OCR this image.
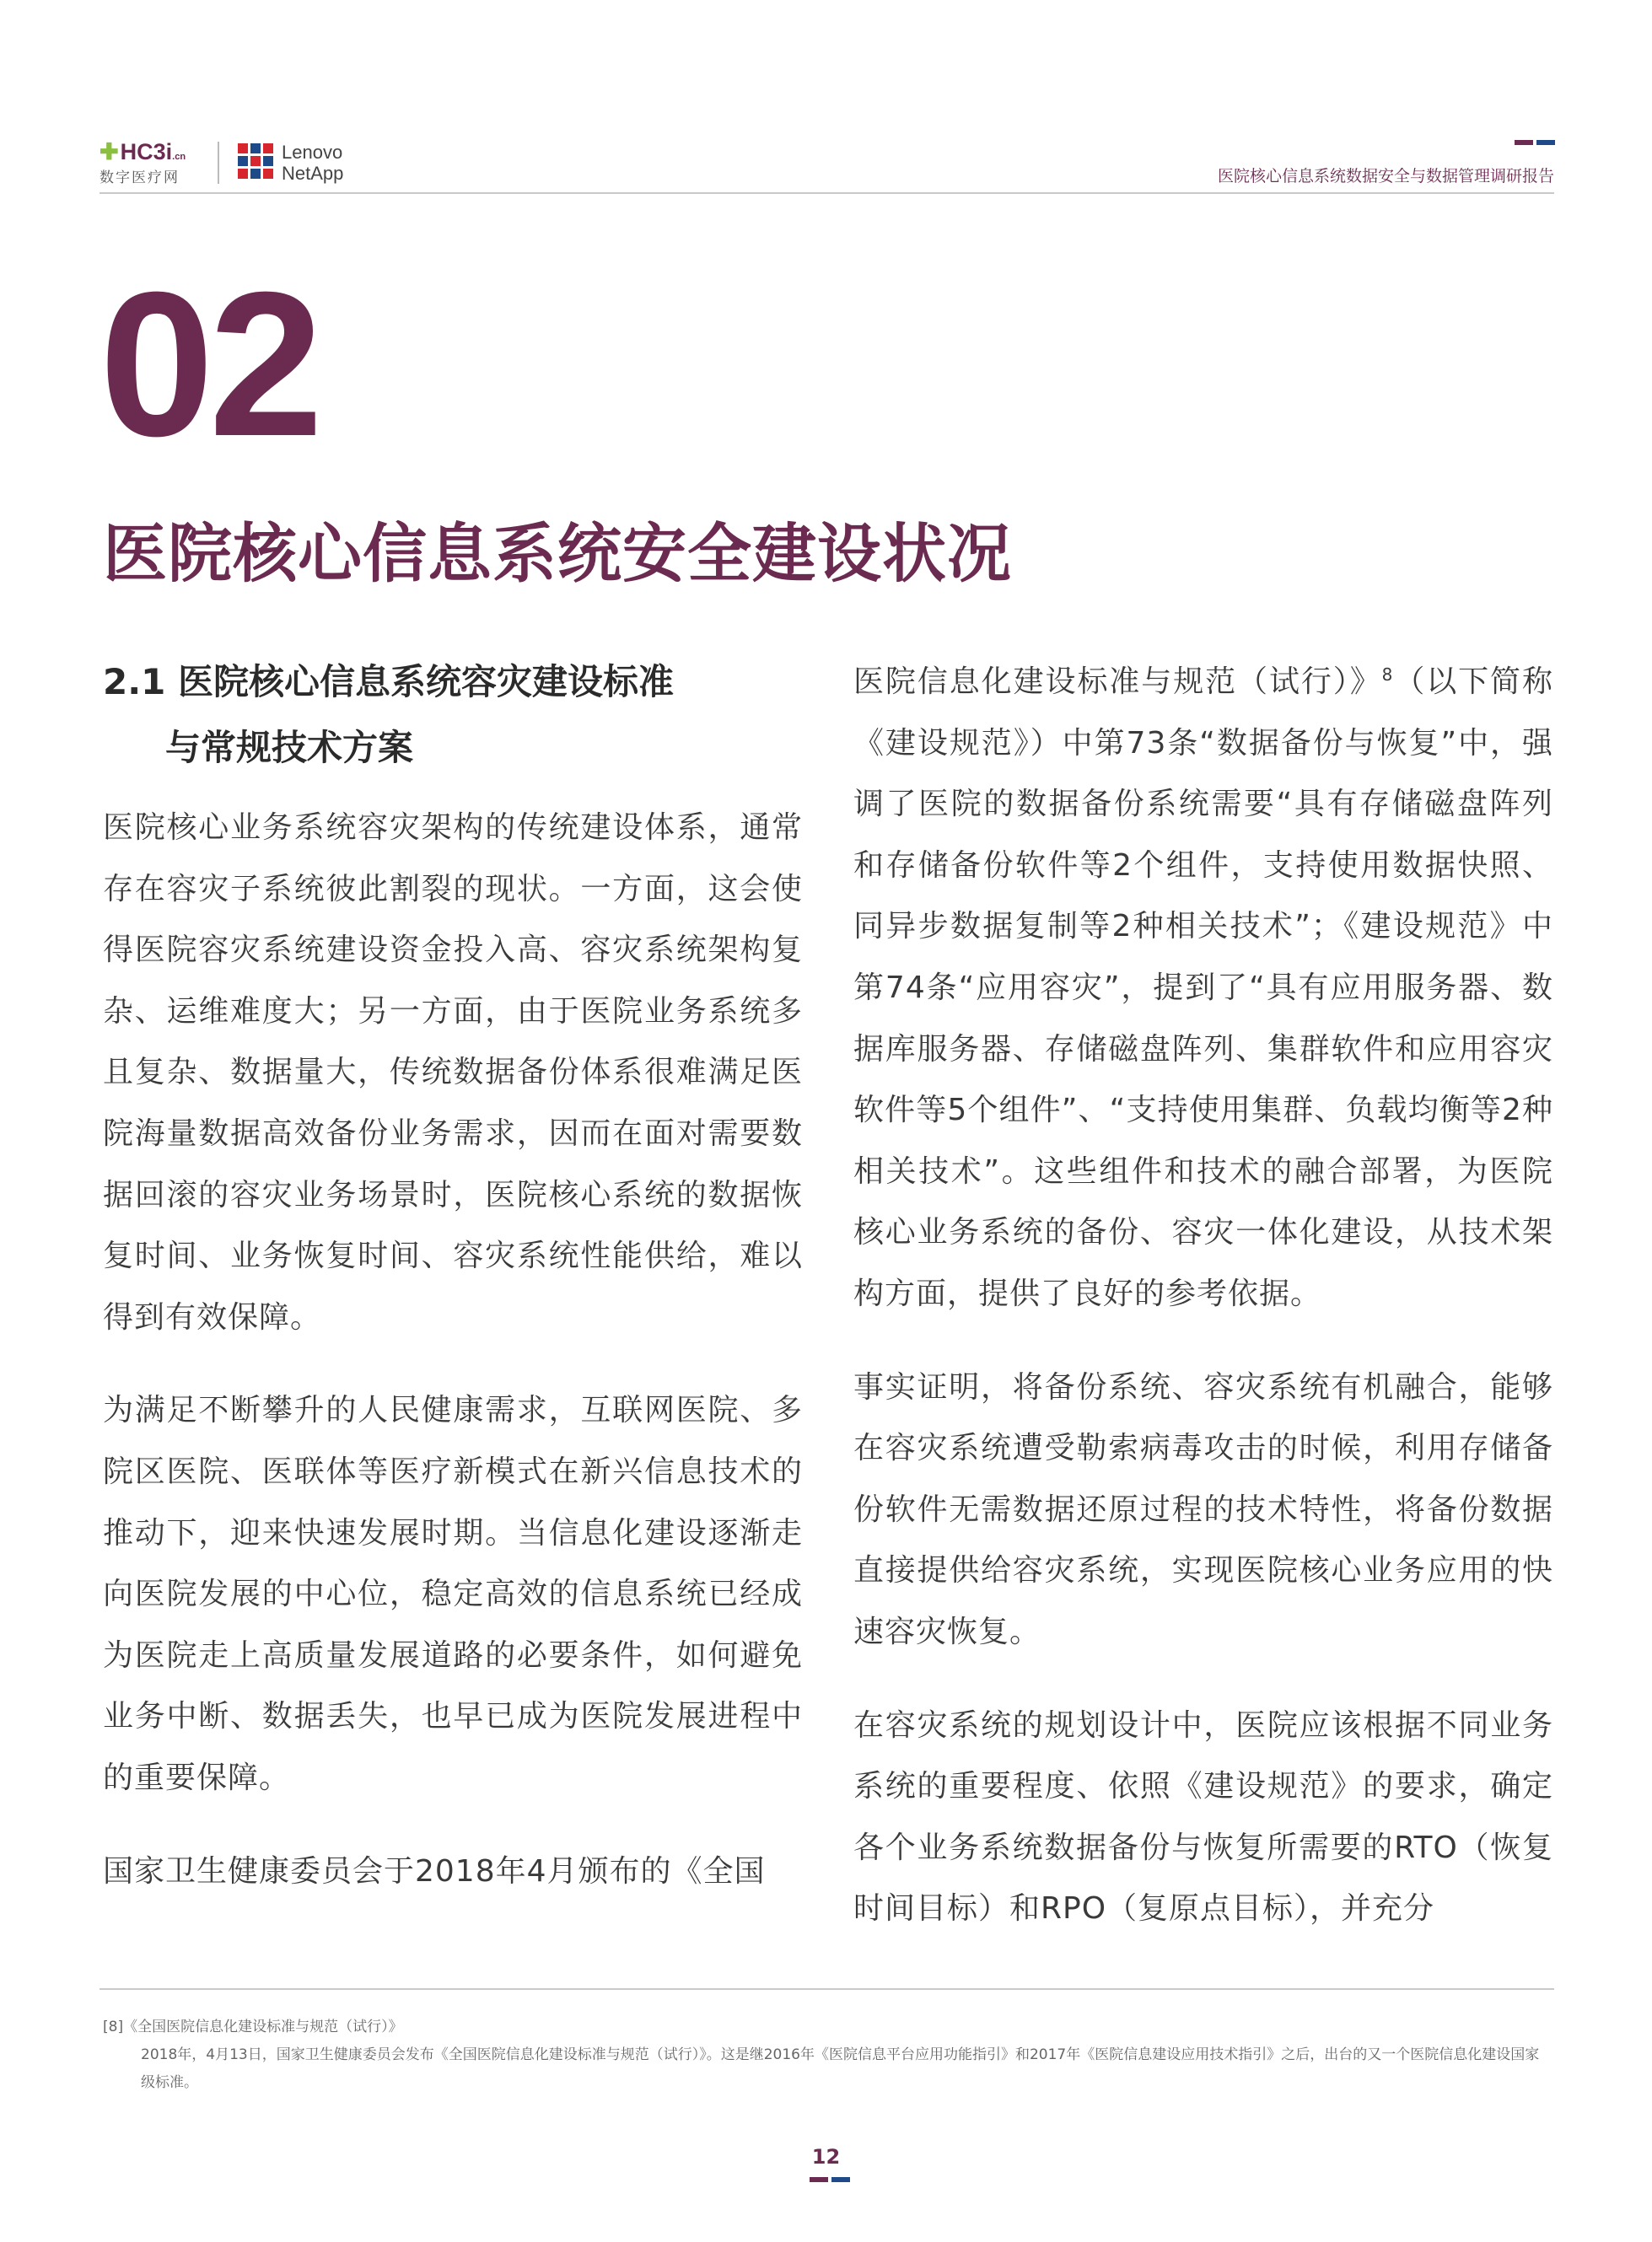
✚HC3i.cn
数字医疗网
Lenovo
NetApp	医院核心信息系统数据安全与数据管理调研报告
02
医院核心信息系统安全建设状况
2.1 医院核心信息系统容灾建设标准
与常规技术方案

医院核心业务系统容灾架构的传统建设体系，通常存在容灾子系统彼此割裂的现状。一方面，这会使得医院容灾系统建设资金投入高、容灾系统架构复杂、运维难度大；另一方面，由于医院业务系统多且复杂、数据量大，传统数据备份体系很难满足医院海量数据高效备份业务需求，因而在面对需要数据回滚的容灾业务场景时，医院核心系统的数据恢复时间、业务恢复时间、容灾系统性能供给，难以得到有效保障。

为满足不断攀升的人民健康需求，互联网医院、多院区医院、医联体等医疗新模式在新兴信息技术的推动下，迎来快速发展时期。当信息化建设逐渐走向医院发展的中心位，稳定高效的信息系统已经成为医院走上高质量发展道路的必要条件，如何避免业务中断、数据丢失，也早已成为医院发展进程中的重要保障。

国家卫生健康委员会于2018年4月颁布的《全国

医院信息化建设标准与规范（试行）》$^8$（以下简称《建设规范》）中第73条“数据备份与恢复”中，强调了医院的数据备份系统需要“具有存储磁盘阵列和存储备份软件等2个组件，支持使用数据快照、同异步数据复制等2种相关技术”；《建设规范》中第74条“应用容灾”，提到了“具有应用服务器、数据库服务器、存储磁盘阵列、集群软件和应用容灾软件等5个组件”、“支持使用集群、负载均衡等2种相关技术”。这些组件和技术的融合部署，为医院核心业务系统的备份、容灾一体化建设，从技术架构方面，提供了良好的参考依据。

事实证明，将备份系统、容灾系统有机融合，能够在容灾系统遭受勒索病毒攻击的时候，利用存储备份软件无需数据还原过程的技术特性，将备份数据直接提供给容灾系统，实现医院核心业务应用的快速容灾恢复。

在容灾系统的规划设计中，医院应该根据不同业务系统的重要程度、依照《建设规范》的要求，确定各个业务系统数据备份与恢复所需要的RTO（恢复时间目标）和RPO（复原点目标），并充分

[8]《全国医院信息化建设标准与规范（试行）》
2018年，4月13日，国家卫生健康委员会发布《全国医院信息化建设标准与规范（试行）》。这是继2016年《医院信息平台应用功能指引》和2017年《医院信息建设应用技术指引》之后，出台的又一个医院信息化建设国家级标准。
12
